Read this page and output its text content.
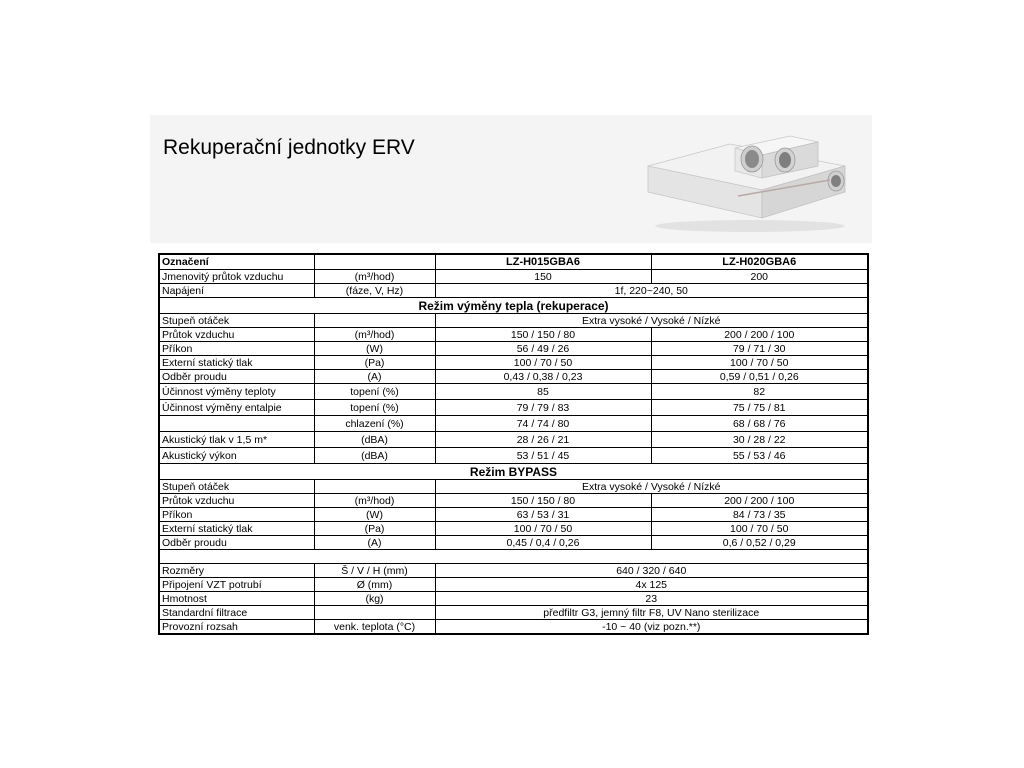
Rekuperační jednotky ERV
Označení		LZ-H015GBA6	LZ-H020GBA6
Jmenovitý průtok vzduchu	(m³/hod)	150	200
Napájení	(fáze, V, Hz)	1f, 220~240, 50	
Režim výměny tepla (rekuperace)			
Stupeň otáček		Extra vysoké / Vysoké / Nízké	
Průtok vzduchu	(m³/hod)	150 / 150 / 80	200 / 200 / 100
Příkon	(W)	56 / 49 / 26	79 / 71 / 30
Externí statický tlak	(Pa)	100 / 70 / 50	100 / 70 / 50
Odběr proudu	(A)	0,43 / 0,38 / 0,23	0,59 / 0,51 / 0,26
Účinnost výměny teploty	topení (%)	85	82
Účinnost výměny entalpie	topení (%)	79 / 79 / 83	75 / 75 / 81
	chlazení (%)	74 / 74 / 80	68 / 68 / 76
Akustický tlak v 1,5 m*	(dBA)	28 / 26 / 21	30 / 28 / 22
Akustický výkon	(dBA)	53 / 51 / 45	55 / 53 / 46
Režim BYPASS			
Stupeň otáček		Extra vysoké / Vysoké / Nízké	
Průtok vzduchu	(m³/hod)	150 / 150 / 80	200 / 200 / 100
Příkon	(W)	63 / 53 / 31	84 / 73 / 35
Externí statický tlak	(Pa)	100 / 70 / 50	100 / 70 / 50
Odběr proudu	(A)	0,45 / 0,4 / 0,26	0,6 / 0,52 / 0,29

Rozměry	Š / V / H (mm)	640 / 320 / 640	
Připojení VZT potrubí	Ø (mm)	4x 125	
Hmotnost	(kg)	23	
Standardní filtrace		předfiltr G3, jemný filtr F8, UV Nano sterilizace	
Provozní rozsah	venk. teplota (°C)	-10 ~ 40 (viz pozn.**)	
